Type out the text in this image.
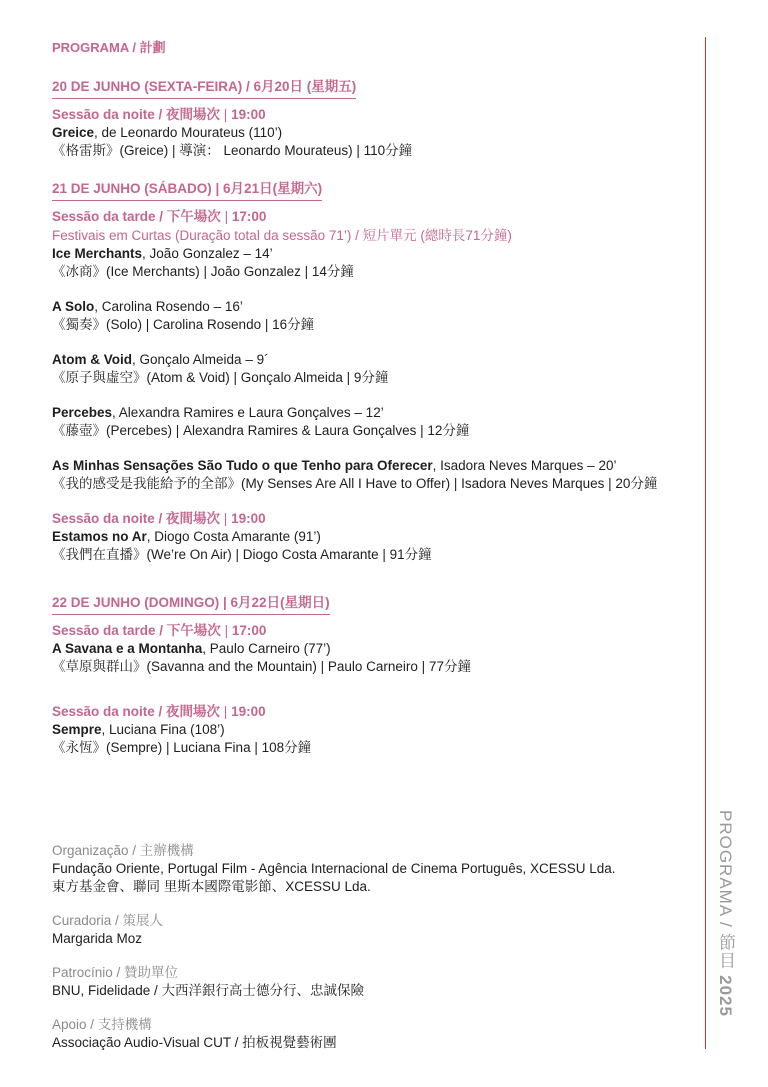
PROGRAMA / 計劃
20 DE JUNHO (SEXTA-FEIRA) / 6月20日 (星期五)
Sessão da noite / 夜間場次 | 19:00
Greice, de Leonardo Mourateus (110’)
《格雷斯》(Greice) | 導演： Leonardo Mourateus) | 110分鐘
21 DE JUNHO (SÁBADO) | 6月21日(星期六)
Sessão da tarde / 下午場次 | 17:00
Festivais em Curtas (Duração total da sessão 71’) / 短片單元 (總時長71分鐘)
Ice Merchants, João Gonzalez – 14’
《冰商》(Ice Merchants) | João Gonzalez | 14分鐘
A Solo, Carolina Rosendo – 16’
《獨奏》(Solo) | Carolina Rosendo | 16分鐘
Atom & Void, Gonçalo Almeida – 9´
《原子與虛空》(Atom & Void) | Gonçalo Almeida | 9分鐘
Percebes, Alexandra Ramires e Laura Gonçalves – 12’
《藤壺》(Percebes) | Alexandra Ramires & Laura Gonçalves | 12分鐘
As Minhas Sensações São Tudo o que Tenho para Oferecer, Isadora Neves Marques – 20’
《我的感受是我能給予的全部》(My Senses Are All I Have to Offer) | Isadora Neves Marques | 20分鐘
Sessão da noite / 夜間場次 | 19:00
Estamos no Ar, Diogo Costa Amarante (91’)
《我們在直播》(We’re On Air) | Diogo Costa Amarante | 91分鐘
22 DE JUNHO (DOMINGO) | 6月22日(星期日)
Sessão da tarde / 下午場次 | 17:00
A Savana e a Montanha, Paulo Carneiro (77’)
《草原與群山》(Savanna and the Mountain) | Paulo Carneiro | 77分鐘
Sessão da noite / 夜間場次 | 19:00
Sempre, Luciana Fina (108’)
《永恆》(Sempre) | Luciana Fina | 108分鐘
Organização / 主辦機構
Fundação Oriente, Portugal Film - Agência Internacional de Cinema Português, XCESSU Lda.
東方基金會、聯同 里斯本國際電影節、XCESSU Lda.
Curadoria / 策展人
Margarida Moz
Patrocínio / 贊助單位
BNU, Fidelidade / 大西洋銀行高士德分行、忠誠保險
Apoio / 支持機構
Associação Audio-Visual CUT / 拍板視覺藝術團
PROGRAMA / 節目 2025
